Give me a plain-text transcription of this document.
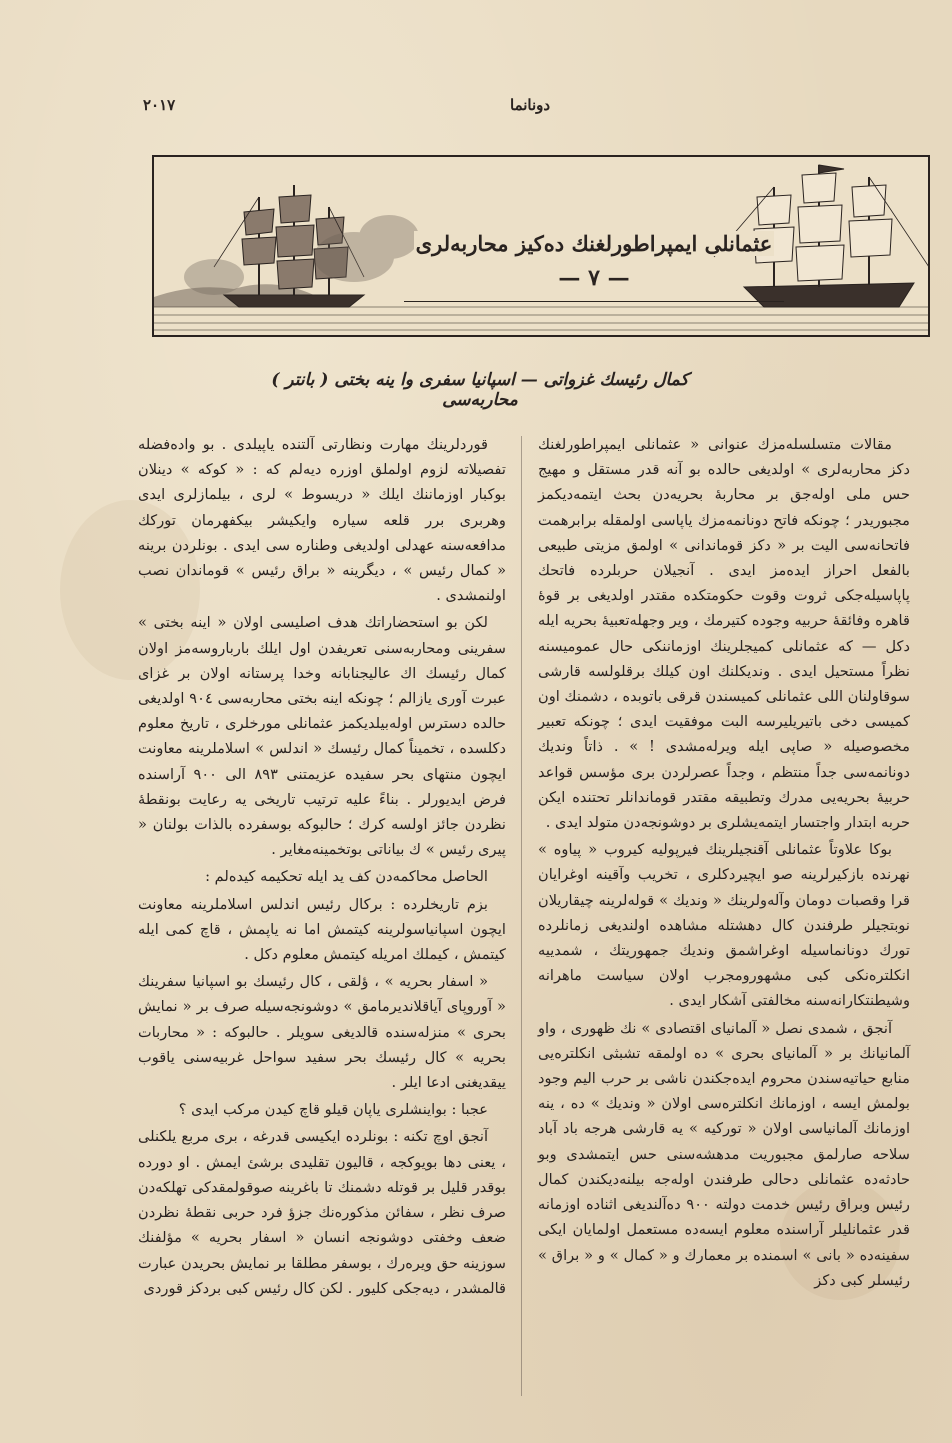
٢٠١٧	دونانما
عثمانلی ایمپراطورلغنك دەكیز محاربەلری
— ٧ —
كمال رئیسك غزواتی — اسپانیا سفری وا ینه بختی ( بانتر ) محاربەسی

مقالات متسلسلەمزك عنوانی « عثمانلی ایمپراطورلغنك دكز محاربەلری » اولدیغی حالدە بو آنه قدر مستقل و مهیج حس ملی اولەجق بر محاربۀ بحریەدن بحث ایتمەدیكمز مجبوریدر ؛ چونكه فاتح دونانمەمزك یاپاسی اولمقله برابرهمت فاتحانەسی الیت بر « دكز قوماندانی » اولمق مزیتی طبیعی بالفعل احراز ایدەمز ایدی . آنجیلان حربلردە فاتحك پاپاسیلەجكی ثروت وقوت حكومتكدە مقتدر اولدیغی بر قوۀ قاهرە وفائقۀ حربیە وجودە كتیرمك ، ویر وجهلەتعبیۀ بحریە ایلە دكل — كە عثمانلی كمیجلرینك اوزماننكی حال عمومیسنه نظراً مستحیل ایدی . ونديكلنك اون كیلك برقلولسه قارشی سوقاولنان اللی عثمانلی كمیسندن قرقی باتوبده ، دشمنك اون كمیسی دخی باتیریلیرسه البت موفقیت ایدی ؛ چونكه تعبیر مخصوصیله « صاپی ایله ویرلەمشدی ! » . ذاتاً ونديك دونانمەسی جداً منتظم ، وجداً عصرلردن بری مؤسس قواعد حربیۀ بحریەیی مدرك وتطبیقه مقتدر قوماندانلر تحتنده ایكن حربه ابتدار واجتسار ایتمەیشلری بر دوشونجەدن متولد ایدی .

بوكا علاوتاً عثمانلی آقنجیلرینك فیرپولیە كیروب « پیاوه » نهرندە بازكیرلرینه صو ایچیردكلری ، تخریب وآقینه اوغرایان قرا وقصبات دومان وآلەولرینك « ونديك » قولەلرینه چیقاریلان نوبتجیلر طرفندن كال دهشتله مشاهدە اولندیغی زمانلردە تورك دونانماسیله اوغراشمق ونديك جمهوریتك ، شمدییە انكلترەنكی كبی مشهورومجرب اولان سیاست ماهرانه وشیطنتكارانەسنه مخالفتی آشكار ایدی .

آنجق ، شمدی نصل « آلمانیای اقتصادی » نك ظهوری ، واو آلمانیانك بر « آلمانیای بحری » دە اولمقه تشبثی انكلترەیی منابع حیاتیەسندن محروم ایدەجكندن ناشی بر حرب الیم وجود بولمش ایسه ، اوزمانك انكلترەسی اولان « ونديك » دە ، ینه اوزمانك آلمانیاسی اولان « توركیە » یه قارشی هرجه باد آباد سلاحه صارلمق مجبوریت مدهشەسنی حس ایتمشدی وبو حادثەدە عثمانلی دحالی طرفندن اولەجه بیلنەدیكندن كمال رئیس وبراق رئیس خدمت دولته ٩٠٠ دەآلندیغی اثناده اوزمانه قدر عثمانلیلر آراسنده معلوم ایسەده مستعمل اولمایان ایكی سفینەده « بانی » اسمنده بر معمارك و « كمال » و « براق » رئیسلر كبی دكز

قوردلرینك مهارت ونظارتی آلتنده یاپیلدی . بو وادەفضله تفصیلاته لزوم اولملق اوزره دیەلم كه : « كوكه » دینلان بوكبار اوزماننك ایلك « دریسوط » لری ، بیلمازلری ایدی وهربری برر قلعه سیاره وایكیشر بیكفهرمان توركك مدافعەسنه عهدلی اولدیغی وطناره سی ایدی . بونلردن برینه « كمال رئیس » ، دیگرینه « براق رئیس » قوماندان نصب اولنمشدی .

لكن بو استحضاراتك هدف اصلیسی اولان « اینه بختی » سفرینی ومحاربەسنی تعریفدن اول ایلك بارباروسەمز اولان كمال رئیسك اك عالیجنابانه وخدا پرستانه اولان بر غزای عبرت آوری یازالم ؛ چونكه اینه بختی محاربەسی ٩٠٤ اولدیغی حالده دسترس اولەبیلدیكمز عثمانلی مورخلری ، تاریخ معلوم دكلسده ، تخمیناً كمال رئیسك « اندلس » اسلاملرینه معاونت ایچون منتهای بحر سفیده عزیمتنی ٨٩٣ الی ٩٠٠ آراسنده فرض ایدیورلر . بناءً علیه ترتیب تاریخی یه رعایت بونقطۀ نظردن جائز اولسه كرك ؛ حالبوكه بوسفرده بالذات بولنان « پیری رئیس » ك بیاناتی بوتخمینەمغایر .

الحاصل محاكمەدن كف ید ایله تحكیمه كیدەلم :

بزم تاریخلرده : بركال رئیس اندلس اسلاملرینه معاونت ایچون اسپانیاسولرینه كیتمش اما نه یاپمش ، قاچ كمی ایله كیتمش ، كیملك امریله كیتمش معلوم دكل .

« اسفار بحریه » ، ؤلقی ، كال رئیسك بو اسپانیا سفرینك « آوروپای آیاقلاندیرمامق » دوشونجەسیله صرف بر « نمایش بحری » منزلەسنده قالدیغی سویلر . حالبوكه : « محاربات بحریه » كال رئیسك بحر سفید سواحل غربیەسنی یاقوب ییقدیغنی ادعا ایلر .

عجبا : بواینشلری یاپان قیلو قاچ كیدن مركب ایدی ؟

آنجق اوچ تكنه : بونلرده ایكیسی قدرغه ، بری مربع یلكنلی ، یعنی دها بویوكجه ، قالیون تقلیدی برشیٔ ایمش . او دورده بوقدر قلیل بر قوتله دشمنك تا باغرینه صوقولمقدكی تهلكەدن صرف نظر ، سفائن مذكورەنك جزؤ فرد حربی نقطۀ نظردن ضعف وخفتی دوشونجه انسان « اسفار بحریه » مؤلفنك سوزینه حق ویرەرك ، بوسفر مطلقا بر نمایش بحریدن عبارت قالمشدر ، دیەجكی كلیور . لكن كال رئیس كبی بردكز قوردی
